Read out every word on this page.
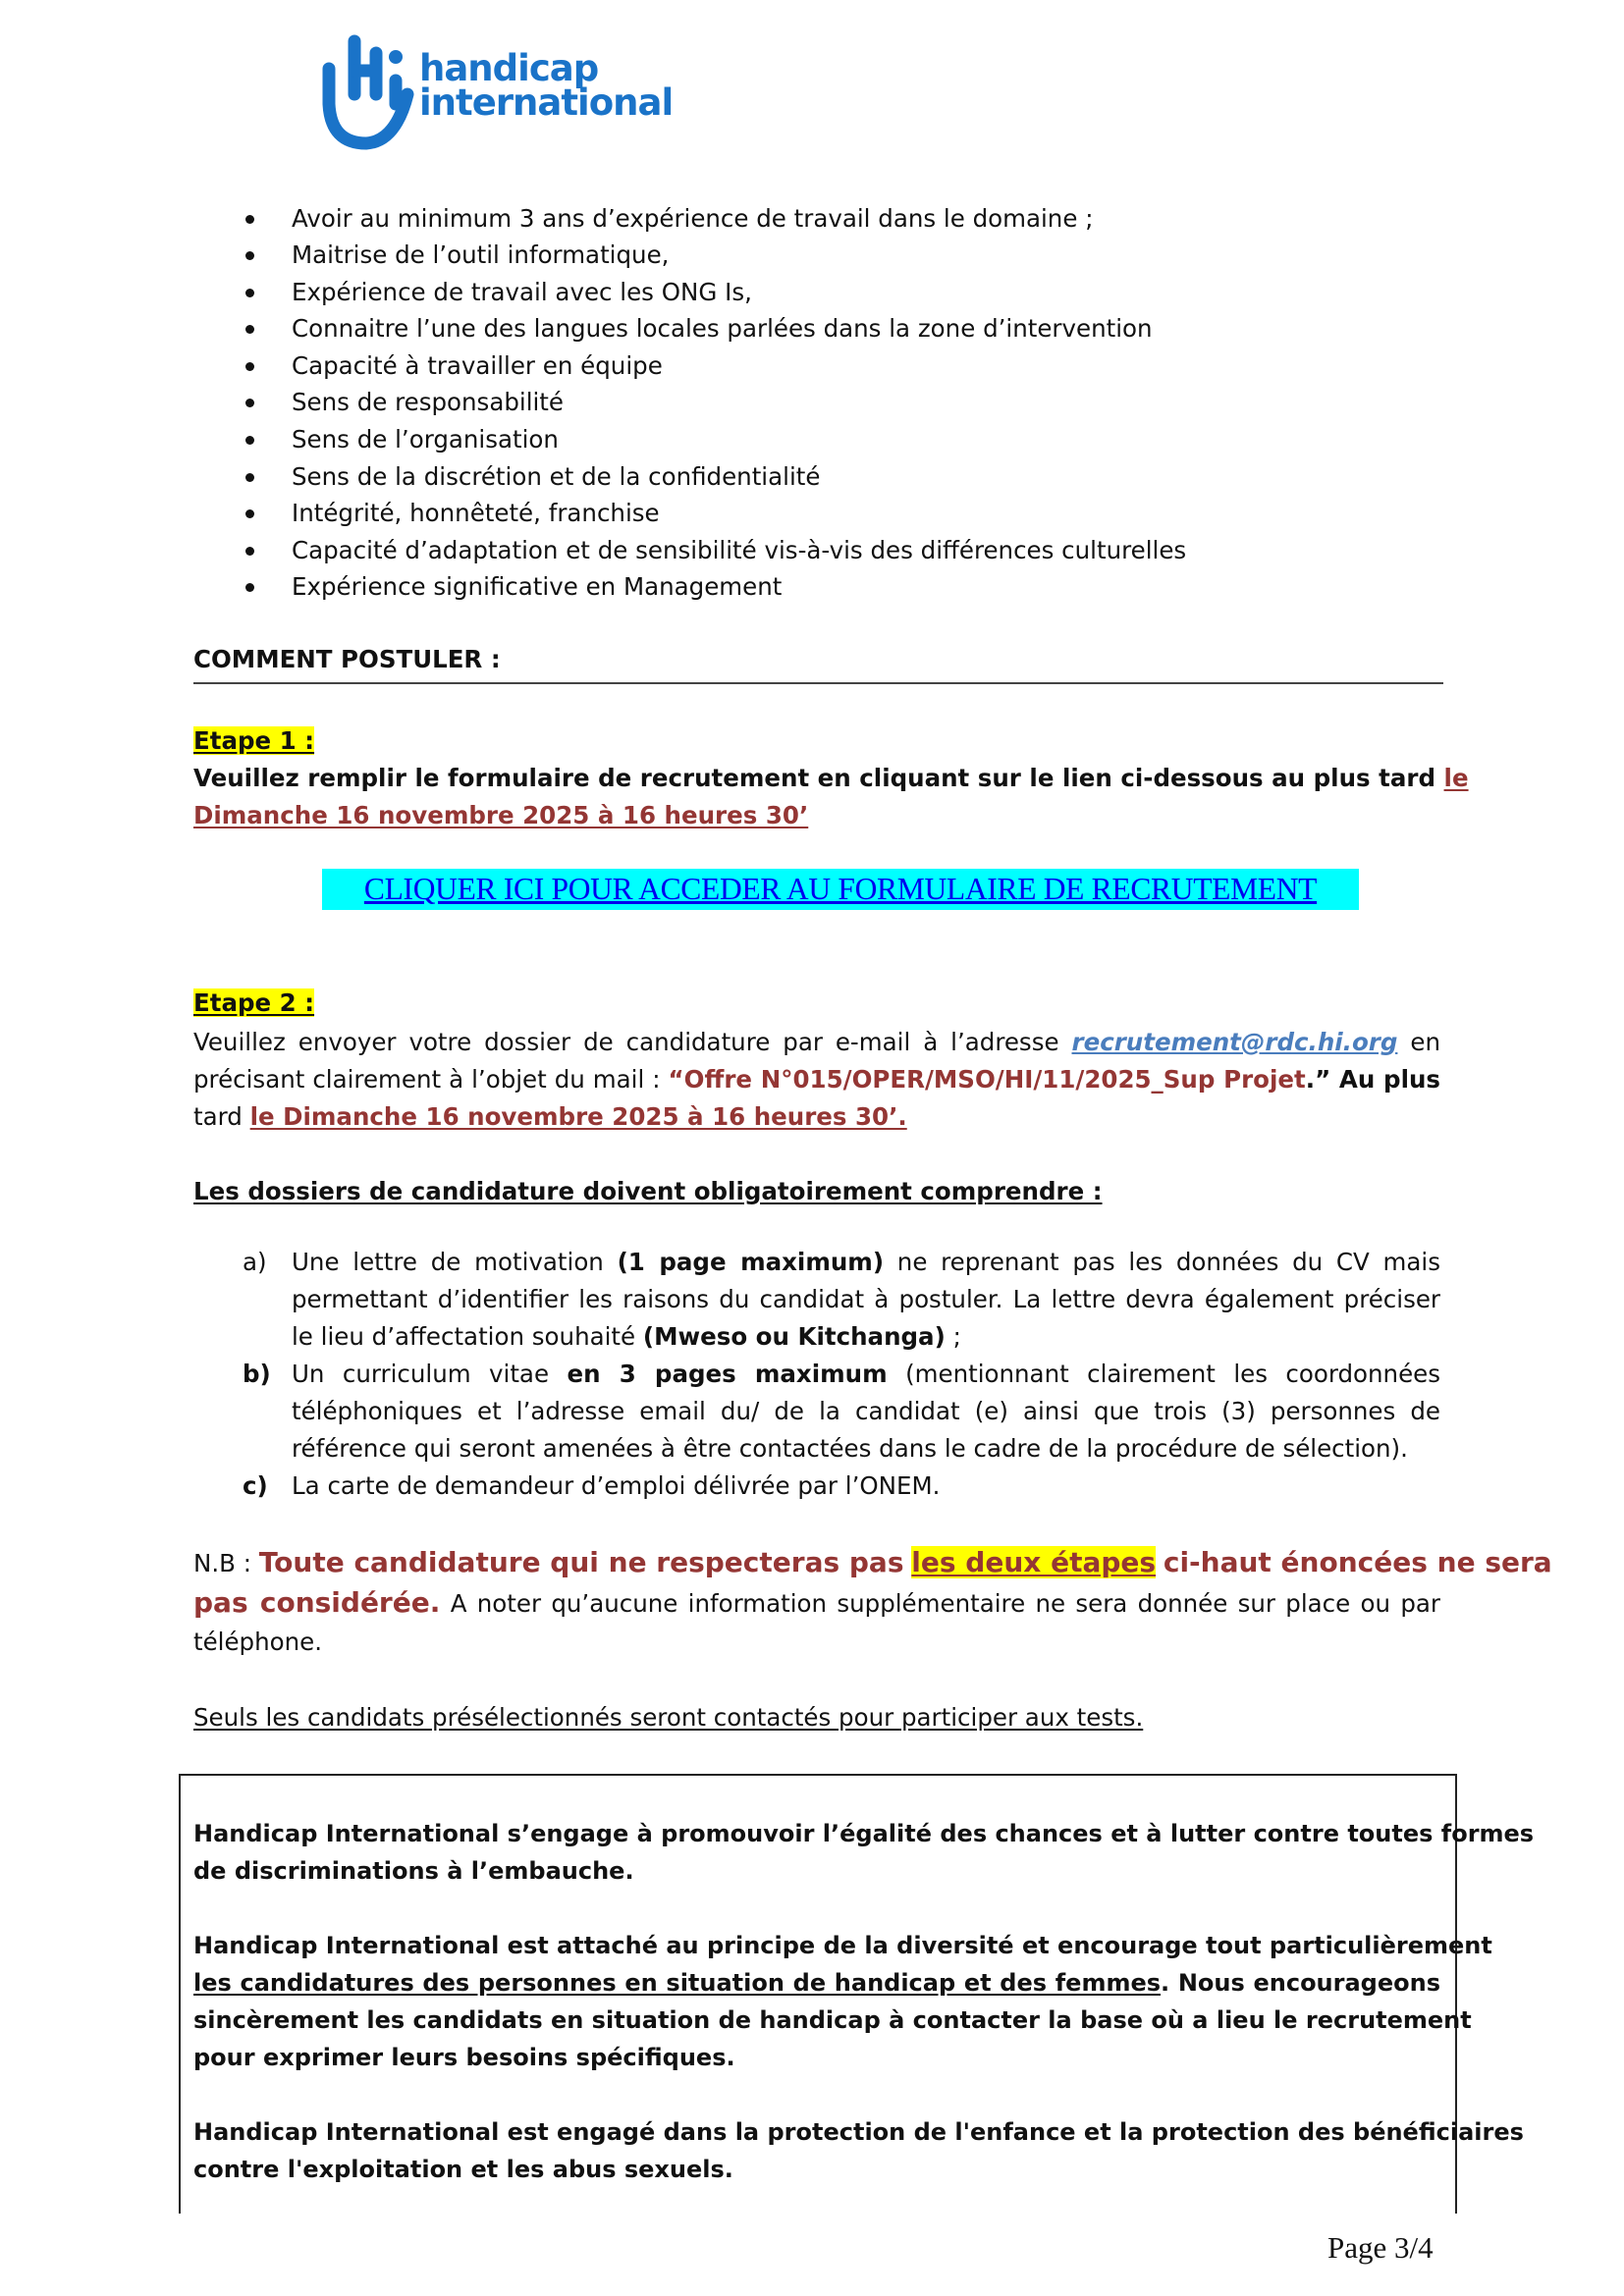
handicap
international
Avoir au minimum 3 ans d’expérience de travail dans le domaine ;
Maitrise de l’outil informatique,
Expérience de travail avec les ONG Is,
Connaitre l’une des langues locales parlées dans la zone d’intervention
Capacité à travailler en équipe
Sens de responsabilité
Sens de l’organisation
Sens de la discrétion et de la confidentialité
Intégrité, honnêteté, franchise
Capacité d’adaptation et de sensibilité vis-à-vis des différences culturelles
Expérience significative en Management
COMMENT POSTULER :
Etape 1 :
Veuillez remplir le formulaire de recrutement en cliquant sur le lien ci-dessous au plus tard le
Dimanche 16 novembre 2025 à 16 heures 30’
CLIQUER ICI POUR ACCEDER AU FORMULAIRE DE RECRUTEMENT
Etape 2 :
Veuillez envoyer votre dossier de candidature par e-mail à l’adresse recrutement@rdc.hi.org en
précisant clairement à l’objet du mail : “Offre N°015/OPER/MSO/HI/11/2025_Sup Projet.” Au plus
tard le Dimanche 16 novembre 2025 à 16 heures 30’.
Les dossiers de candidature doivent obligatoirement comprendre :
a) Une lettre de motivation (1 page maximum) ne reprenant pas les données du CV mais
permettant d’identifier les raisons du candidat à postuler. La lettre devra également préciser
le lieu d’affectation souhaité (Mweso ou Kitchanga) ;
b) Un curriculum vitae en 3 pages maximum (mentionnant clairement les coordonnées
téléphoniques et l’adresse email du/ de la candidat (e) ainsi que trois (3) personnes de
référence qui seront amenées à être contactées dans le cadre de la procédure de sélection).
c) La carte de demandeur d’emploi délivrée par l’ONEM.
N.B : Toute candidature qui ne respecteras pas les deux étapes ci-haut énoncées ne sera
pas considérée. A noter qu’aucune information supplémentaire ne sera donnée sur place ou par
téléphone.
Seuls les candidats présélectionnés seront contactés pour participer aux tests.
Handicap International s’engage à promouvoir l’égalité des chances et à lutter contre toutes formes
de discriminations à l’embauche.
Handicap International est attaché au principe de la diversité et encourage tout particulièrement
les candidatures des personnes en situation de handicap et des femmes. Nous encourageons
sincèrement les candidats en situation de handicap à contacter la base où a lieu le recrutement
pour exprimer leurs besoins spécifiques.
Handicap International est engagé dans la protection de l'enfance et la protection des bénéficiaires
contre l'exploitation et les abus sexuels.
Page 3/4
